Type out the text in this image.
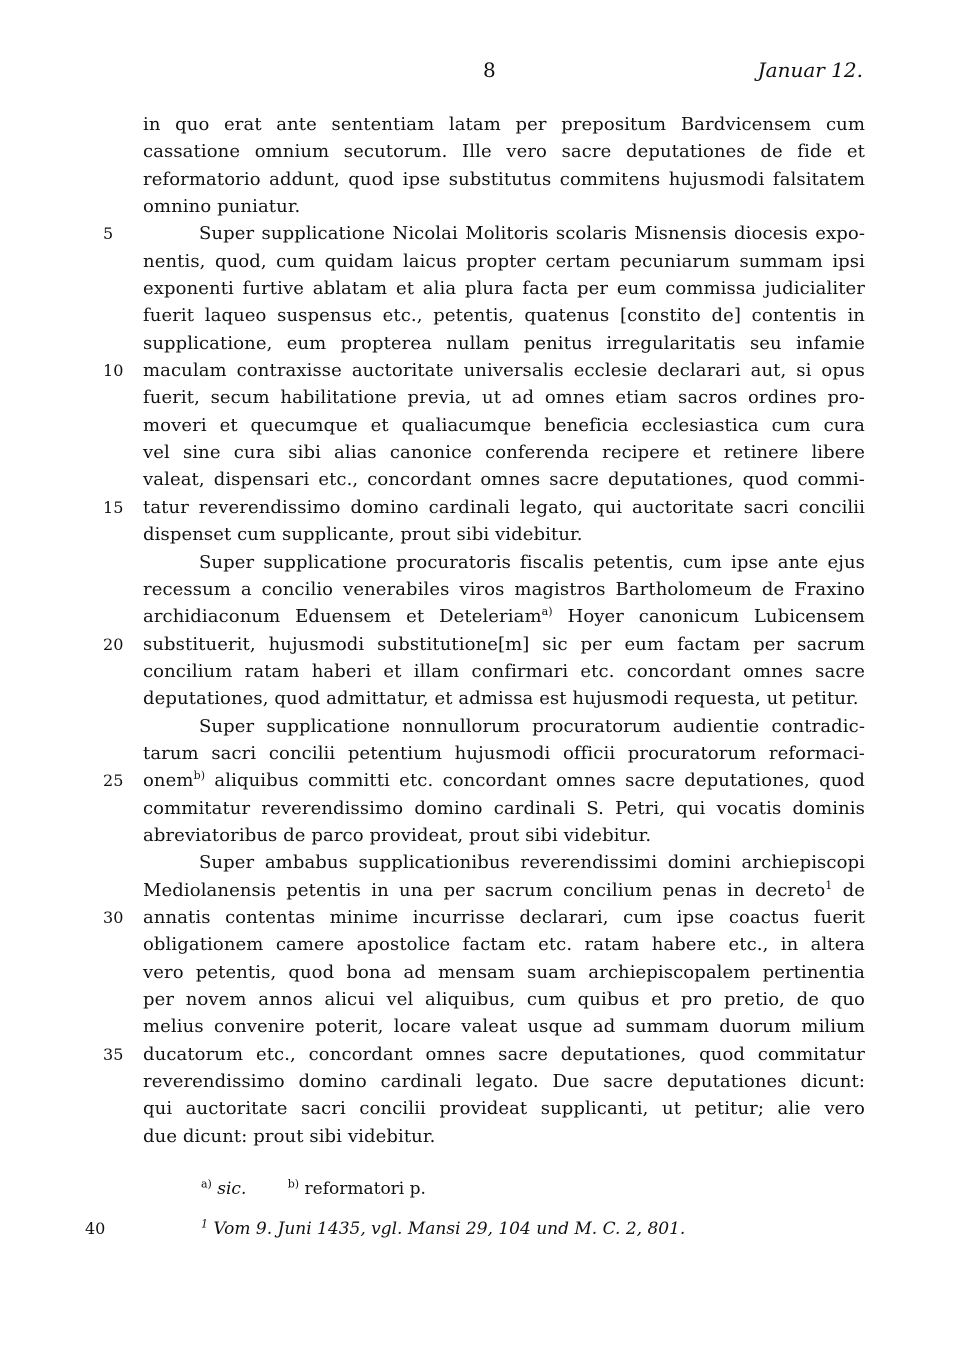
8	Januar 12.
in quo erat ante sententiam latam per prepositum Bardvicensem cum
cassatione omnium secutorum. Ille vero sacre deputationes de fide et
reformatorio addunt, quod ipse substitutus commitens hujusmodi falsitatem
omnino puniatur.
5	Super supplicatione Nicolai Molitoris scolaris Misnensis diocesis expo-
nentis, quod, cum quidam laicus propter certam pecuniarum summam ipsi
exponenti furtive ablatam et alia plura facta per eum commissa judicialiter
fuerit laqueo suspensus etc., petentis, quatenus [constito de] contentis in
supplicatione, eum propterea nullam penitus irregularitatis seu infamie
10	maculam contraxisse auctoritate universalis ecclesie declarari aut, si opus
fuerit, secum habilitatione previa, ut ad omnes etiam sacros ordines pro-
moveri et quecumque et qualiacumque beneficia ecclesiastica cum cura
vel sine cura sibi alias canonice conferenda recipere et retinere libere
valeat, dispensari etc., concordant omnes sacre deputationes, quod commi-
15	tatur reverendissimo domino cardinali legato, qui auctoritate sacri concilii
dispenset cum supplicante, prout sibi videbitur.
Super supplicatione procuratoris fiscalis petentis, cum ipse ante ejus
recessum a concilio venerabiles viros magistros Bartholomeum de Fraxino
archidiaconum Eduensem et Deteleriam$^{a)}$ Hoyer canonicum Lubicensem
20	substituerit, hujusmodi substitutione[m] sic per eum factam per sacrum
concilium ratam haberi et illam confirmari etc. concordant omnes sacre
deputationes, quod admittatur, et admissa est hujusmodi requesta, ut petitur.
Super supplicatione nonnullorum procuratorum audientie contradic-
tarum sacri concilii petentium hujusmodi officii procuratorum reformaci-
25	onem$^{b)}$ aliquibus committi etc. concordant omnes sacre deputationes, quod
commitatur reverendissimo domino cardinali S. Petri, qui vocatis dominis
abreviatoribus de parco provideat, prout sibi videbitur.
Super ambabus supplicationibus reverendissimi domini archiepiscopi
Mediolanensis petentis in una per sacrum concilium penas in decreto$^1$ de
30	annatis contentas minime incurrisse declarari, cum ipse coactus fuerit
obligationem camere apostolice factam etc. ratam habere etc., in altera
vero petentis, quod bona ad mensam suam archiepiscopalem pertinentia
per novem annos alicui vel aliquibus, cum quibus et pro pretio, de quo
melius convenire poterit, locare valeat usque ad summam duorum milium
35	ducatorum etc., concordant omnes sacre deputationes, quod commitatur
reverendissimo domino cardinali legato. Due sacre deputationes dicunt:
qui auctoritate sacri concilii provideat supplicanti, ut petitur; alie vero
due dicunt: prout sibi videbitur.
$^{a)}$ sic.	$^{b)}$ reformatori p.
40	$^1$ Vom 9. Juni 1435, vgl. Mansi 29, 104 und M. C. 2, 801.
